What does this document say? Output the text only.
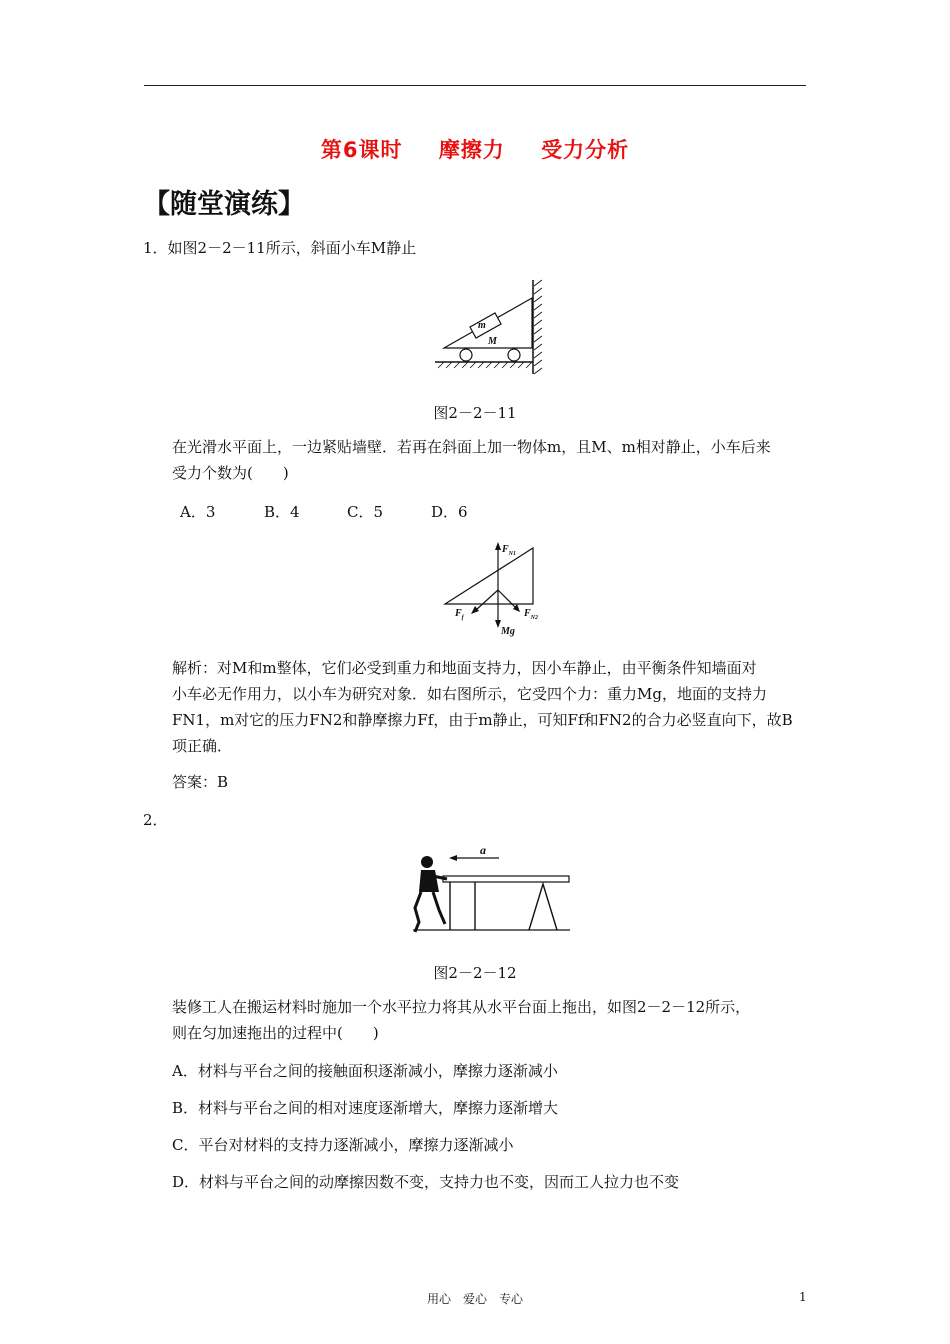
第6课时 摩擦力 受力分析
【随堂演练】
1．如图2－2－11所示，斜面小车M静止
m
M
图2－2－11
在光滑水平面上，一边紧贴墙壁．若再在斜面上加一物体m，且M、m相对静止，小车后来
受力个数为(　　)
A．3	B．4	C．5	D．6
$F_{N1}$
$F_f$	$F_{N2}$
Mg
解析：对M和m整体，它们必受到重力和地面支持力，因小车静止，由平衡条件知墙面对
小车必无作用力，以小车为研究对象．如右图所示，它受四个力：重力Mg，地面的支持力
FN1，m对它的压力FN2和静摩擦力Ff，由于m静止，可知Ff和FN2的合力必竖直向下，故B
项正确．
答案：B
2．
a
图2－2－12
装修工人在搬运材料时施加一个水平拉力将其从水平台面上拖出，如图2－2－12所示，
则在匀加速拖出的过程中(　　)
A．材料与平台之间的接触面积逐渐减小，摩擦力逐渐减小
B．材料与平台之间的相对速度逐渐增大，摩擦力逐渐增大
C．平台对材料的支持力逐渐减小，摩擦力逐渐减小
D．材料与平台之间的动摩擦因数不变，支持力也不变，因而工人拉力也不变
用心　爱心　专心	1
